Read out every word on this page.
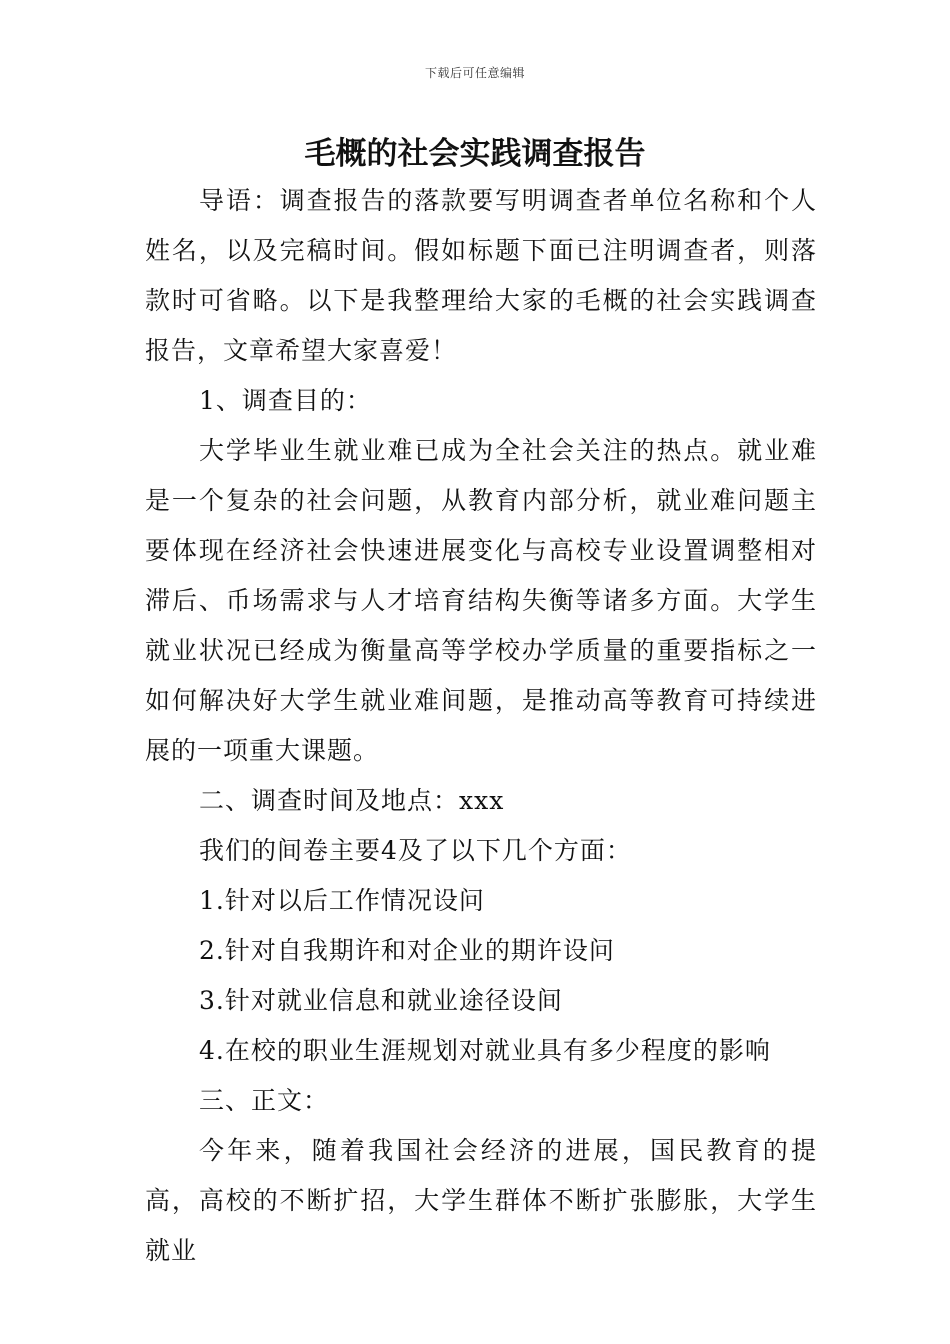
下载后可任意编辑
毛概的社会实践调查报告

导语：调查报告的落款要写明调查者单位名称和个人姓名，以及完稿时间。假如标题下面已注明调查者，则落款时可省略。以下是我整理给大家的毛概的社会实践调查报告，文章希望大家喜爱！

1、调查目的：

大学毕业生就业难已成为全社会关注的热点。就业难是一个复杂的社会问题，从教育内部分析，就业难问题主要体现在经济社会快速进展变化与高校专业设置调整相对滞后、币场需求与人才培育结构失衡等诸多方面。大学生就业状况已经成为衡量高等学校办学质量的重要指标之一如何解决好大学生就业难间题，是推动高等教育可持续进展的一项重大课题。

二、调查时间及地点：xxx

我们的间卷主要4及了以下几个方面：

1.针对以后工作情况设问

2.针对自我期许和对企业的期许设问

3.针对就业信息和就业途径设间

4.在校的职业生涯规划对就业具有多少程度的影响

三、正文：

今年来，随着我国社会经济的进展，国民教育的提高，高校的不断扩招，大学生群体不断扩张膨胀，大学生就业
